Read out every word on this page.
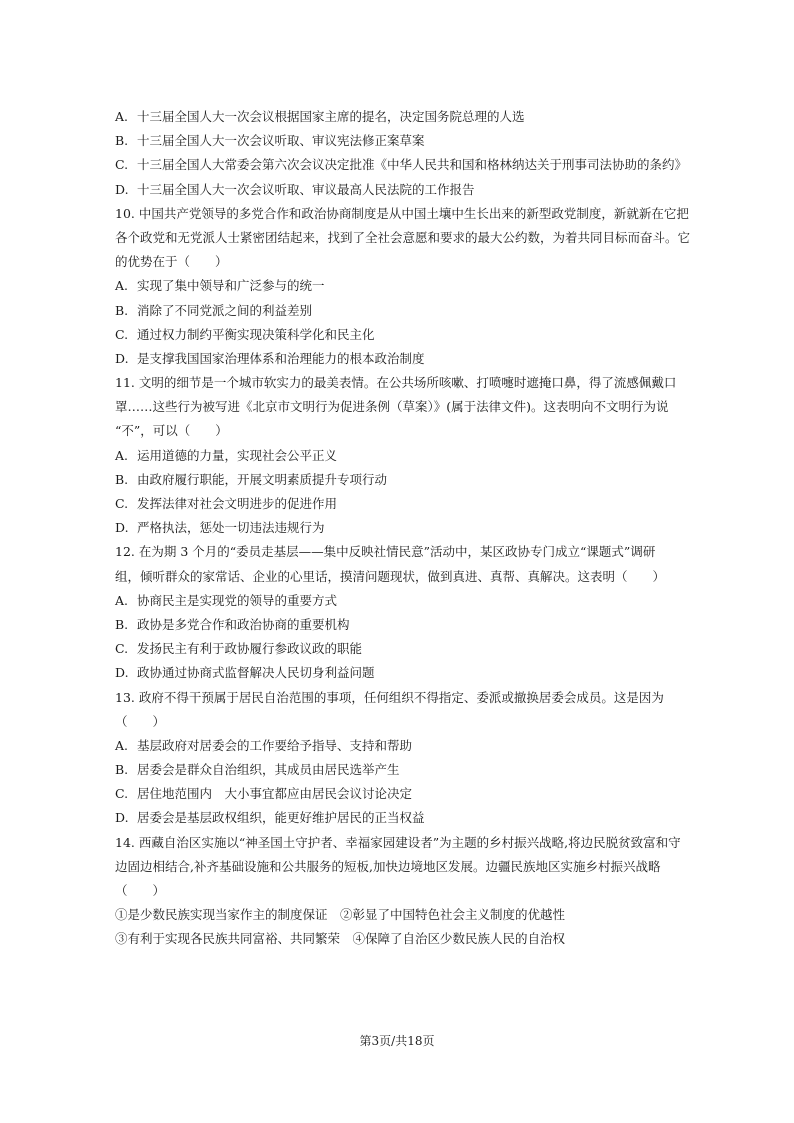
A. 十三届全国人大一次会议根据国家主席的提名，决定国务院总理的人选
B. 十三届全国人大一次会议听取、审议宪法修正案草案
C. 十三届全国人大常委会第六次会议决定批准《中华人民共和国和格林纳达关于刑事司法协助的条约》
D. 十三届全国人大一次会议听取、审议最高人民法院的工作报告
10. 中国共产党领导的多党合作和政治协商制度是从中国土壤中生长出来的新型政党制度，新就新在它把
各个政党和无党派人士紧密团结起来，找到了全社会意愿和要求的最大公约数，为着共同目标而奋斗。它
的优势在于（　　）
A. 实现了集中领导和广泛参与的统一
B. 消除了不同党派之间的利益差别
C. 通过权力制约平衡实现决策科学化和民主化
D. 是支撑我国国家治理体系和治理能力的根本政治制度
11. 文明的细节是一个城市软实力的最美表情。在公共场所咳嗽、打喷嚏时遮掩口鼻，得了流感佩戴口
罩……这些行为被写进《北京市文明行为促进条例（草案）》(属于法律文件)。这表明向不文明行为说
“不”，可以（　　）
A. 运用道德的力量，实现社会公平正义
B. 由政府履行职能，开展文明素质提升专项行动
C. 发挥法律对社会文明进步的促进作用
D. 严格执法，惩处一切违法违规行为
12. 在为期 3 个月的“委员走基层——集中反映社情民意”活动中，某区政协专门成立“课题式”调研
组，倾听群众的家常话、企业的心里话，摸清问题现状，做到真进、真帮、真解决。这表明（　　）
A. 协商民主是实现党的领导的重要方式
B. 政协是多党合作和政治协商的重要机构
C. 发扬民主有利于政协履行参政议政的职能
D. 政协通过协商式监督解决人民切身利益问题
13. 政府不得干预属于居民自治范围的事项，任何组织不得指定、委派或撤换居委会成员。这是因为
（　　）
A. 基层政府对居委会的工作要给予指导、支持和帮助
B. 居委会是群众自治组织，其成员由居民选举产生
C. 居住地范围内　大小事宜都应由居民会议讨论决定
D. 居委会是基层政权组织，能更好维护居民的正当权益
14. 西藏自治区实施以“神圣国土守护者、幸福家园建设者”为主题的乡村振兴战略,将边民脱贫致富和守
边固边相结合,补齐基础设施和公共服务的短板,加快边境地区发展。边疆民族地区实施乡村振兴战略
（　　）
①是少数民族实现当家作主的制度保证　②彰显了中国特色社会主义制度的优越性
③有利于实现各民族共同富裕、共同繁荣　④保障了自治区少数民族人民的自治权
第3页/共18页
